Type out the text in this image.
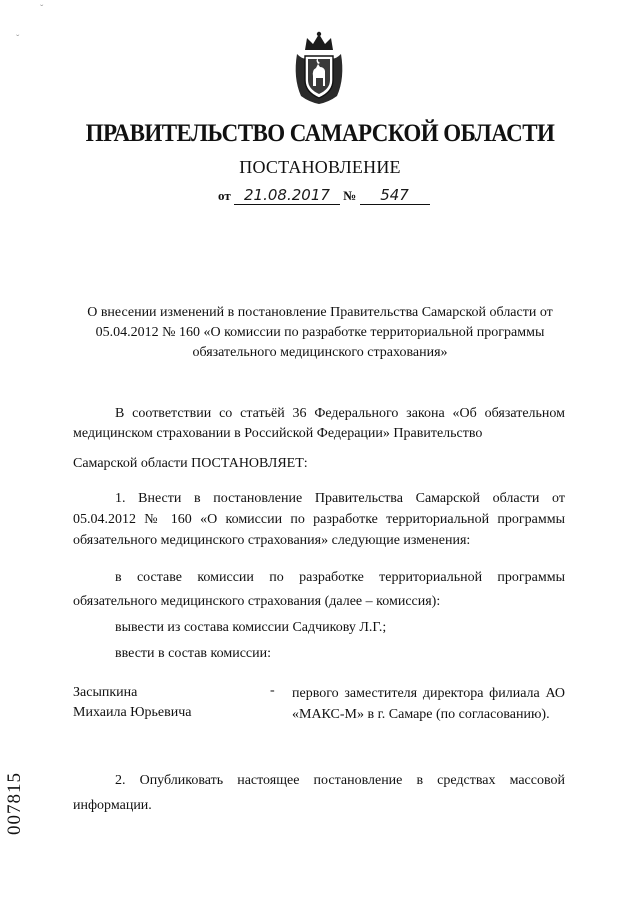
ˇ
ˇ
ПРАВИТЕЛЬСТВО САМАРСКОЙ ОБЛАСТИ
ПОСТАНОВЛЕНИЕ
от 21.08.2017 № 547
О внесении изменений в постановление Правительства Самарской области от 05.04.2012 № 160 «О комиссии по разработке территориальной программы обязательного медицинского страхования»
В соответствии со статьёй 36 Федерального закона «Об обязательном медицинском страховании в Российской Федерации» Правительство
Самарской области ПОСТАНОВЛЯЕТ:
1. Внести в постановление Правительства Самарской области от 05.04.2012 № 160 «О комиссии по разработке территориальной программы обязательного медицинского страхования» следующие изменения:
в составе комиссии по разработке территориальной программы обязательного медицинского страхования (далее – комиссия):
вывести из состава комиссии Садчикову Л.Г.;
ввести в состав комиссии:
Засыпкина
Михаила Юрьевича
- первого заместителя директора филиала АО «МАКС-М» в г. Самаре (по согласованию).
2. Опубликовать настоящее постановление в средствах массовой информации.
007815
